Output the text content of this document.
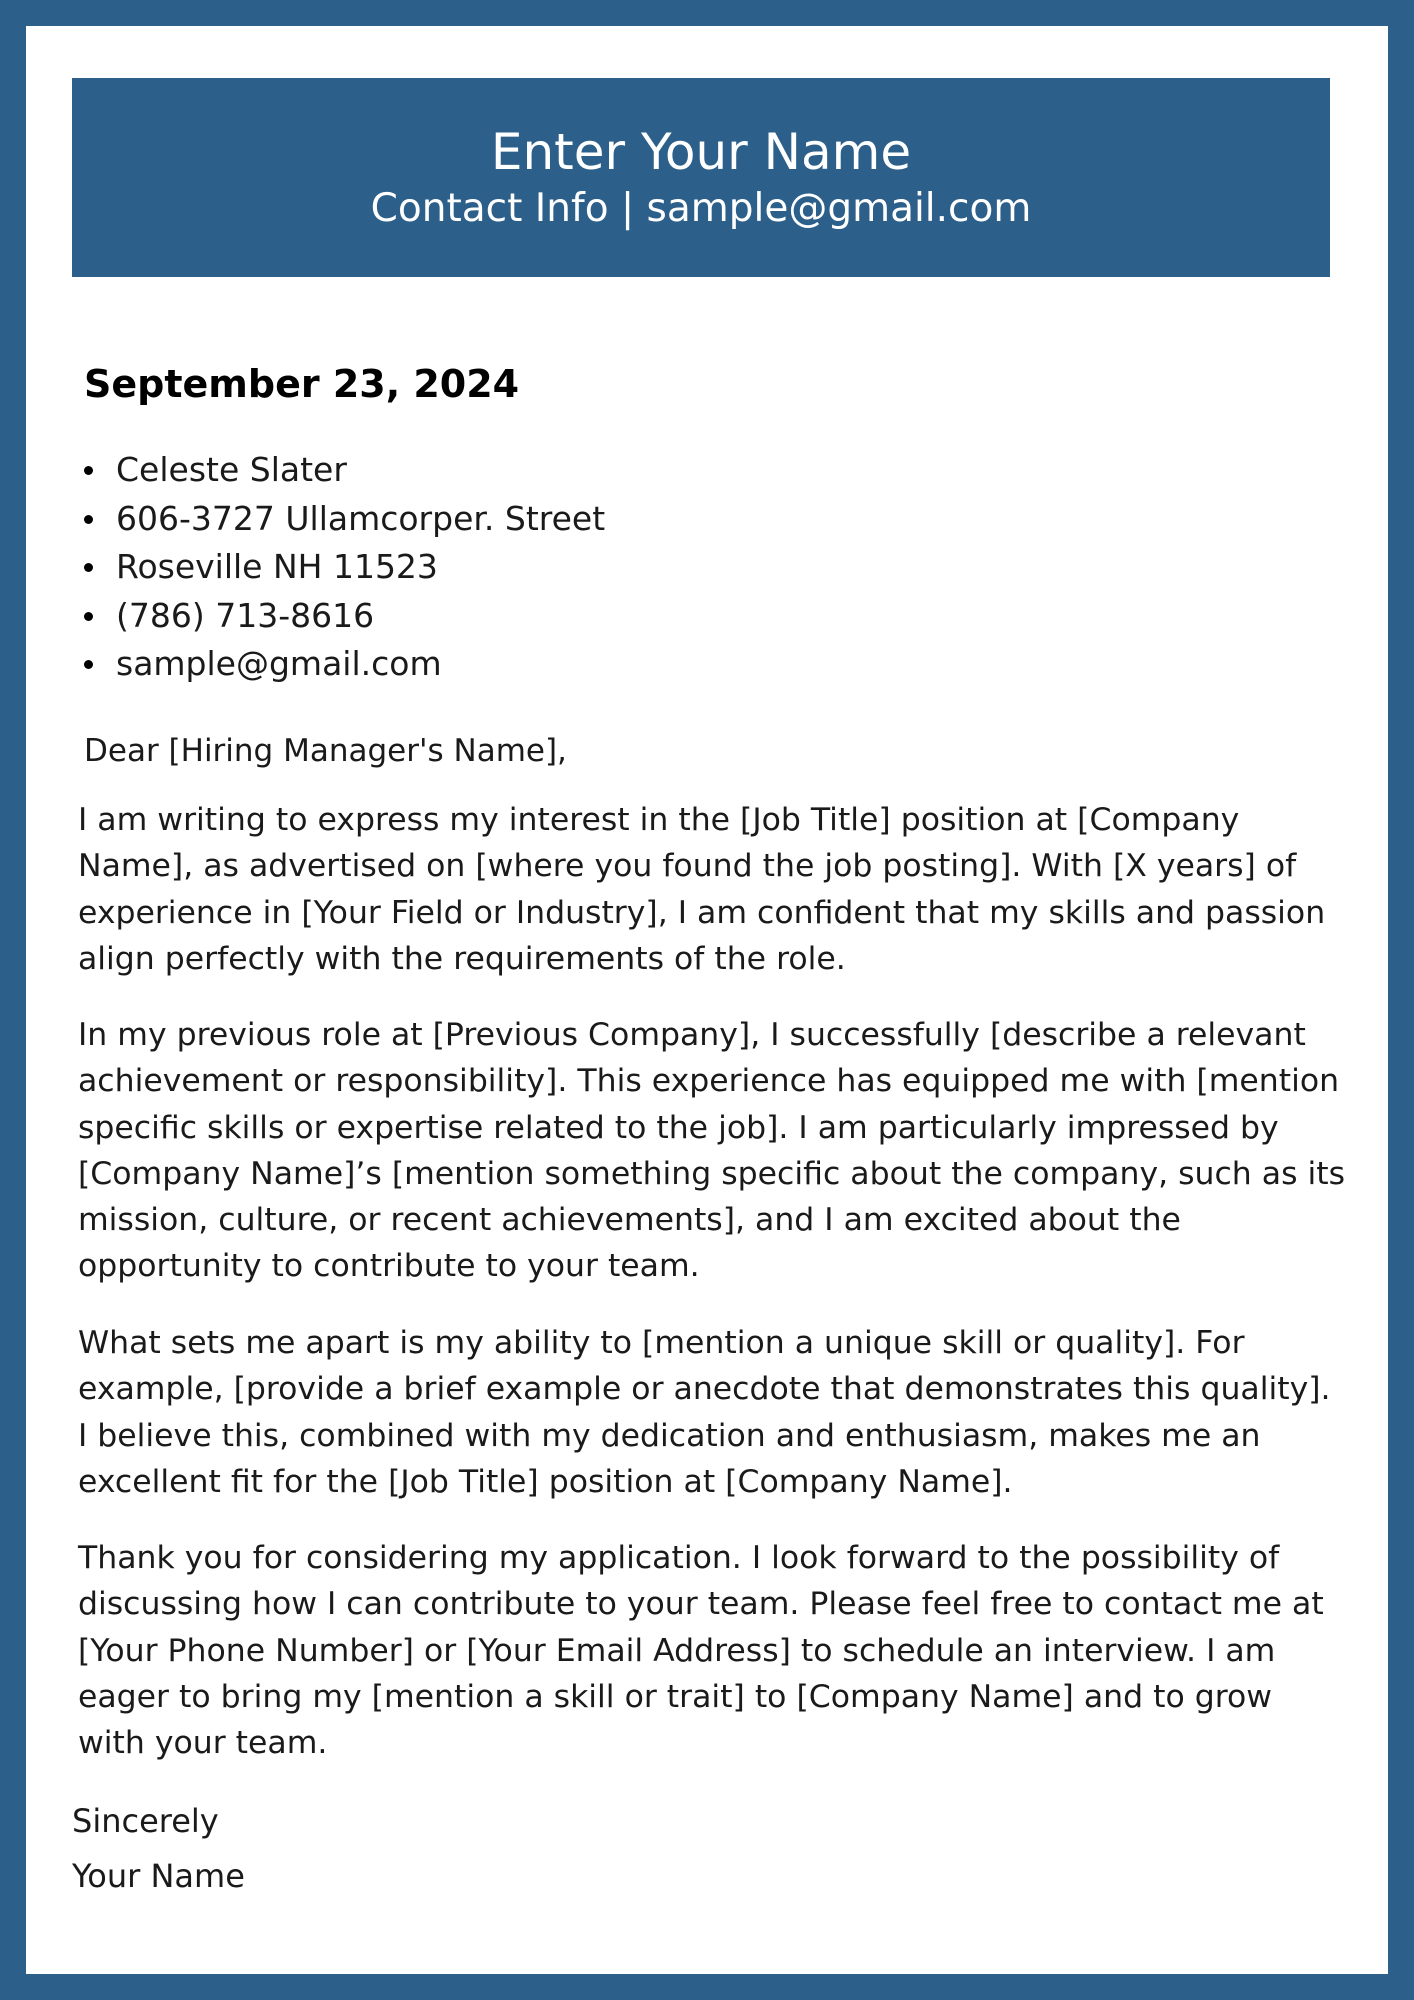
Enter Your Name
Contact Info | sample@gmail.com
September 23, 2024
Celeste Slater
606-3727 Ullamcorper. Street
Roseville NH 11523
(786) 713-8616
sample@gmail.com
Dear [Hiring Manager's Name],

I am writing to express my interest in the [Job Title] position at [Company Name], as advertised on [where you found the job posting]. With [X years] of experience in [Your Field or Industry], I am confident that my skills and passion align perfectly with the requirements of the role.

In my previous role at [Previous Company], I successfully [describe a relevant achievement or responsibility]. This experience has equipped me with [mention specific skills or expertise related to the job]. I am particularly impressed by [Company Name]’s [mention something specific about the company, such as its mission, culture, or recent achievements], and I am excited about the opportunity to contribute to your team.

What sets me apart is my ability to [mention a unique skill or quality]. For example, [provide a brief example or anecdote that demonstrates this quality]. I believe this, combined with my dedication and enthusiasm, makes me an excellent fit for the [Job Title] position at [Company Name].

Thank you for considering my application. I look forward to the possibility of discussing how I can contribute to your team. Please feel free to contact me at [Your Phone Number] or [Your Email Address] to schedule an interview. I am eager to bring my [mention a skill or trait] to [Company Name] and to grow with your team.

Sincerely
Your Name
